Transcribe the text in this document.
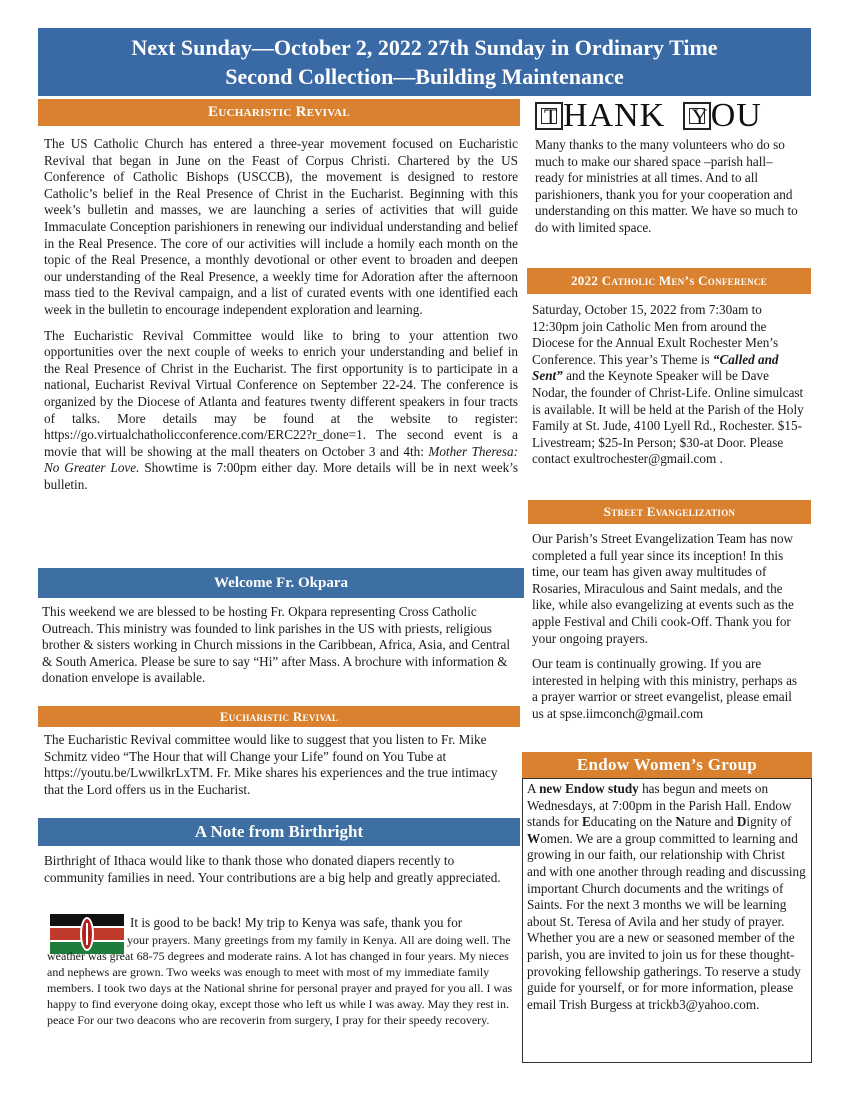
Next Sunday—October 2, 2022 27th Sunday in Ordinary Time
Second Collection—Building Maintenance
Eucharistic Revival

The US Catholic Church has entered a three-year movement focused on Eucharistic Revival that began in June on the Feast of Corpus Christi. Chartered by the US Conference of Catholic Bishops (USCCB), the movement is designed to restore Catholic’s belief in the Real Presence of Christ in the Eucharist. Beginning with this week’s bulletin and masses, we are launching a series of activities that will guide Immaculate Conception parishioners in renewing our individual understanding and belief in the Real Presence. The core of our activities will include a homily each month on the topic of the Real Presence, a monthly devotional or other event to broaden and deepen our understanding of the Real Presence, a weekly time for Adoration after the afternoon mass tied to the Revival campaign, and a list of curated events with one identified each week in the bulletin to encourage independent exploration and learning.

The Eucharistic Revival Committee would like to bring to your attention two opportunities over the next couple of weeks to enrich your understanding and belief in the Real Presence of Christ in the Eucharist. The first opportunity is to participate in a national, Eucharist Revival Virtual Conference on September 22-24. The conference is organized by the Diocese of Atlanta and features twenty different speakers in four tracts of talks. More details may be found at the website to register: https://go.virtualchatholicconference.com/ERC22?r_done=1. The second event is a movie that will be showing at the mall theaters on October 3 and 4th: Mother Theresa: No Greater Love. Showtime is 7:00pm either day. More details will be in next week’s bulletin.

Welcome Fr. Okpara
This weekend we are blessed to be hosting Fr. Okpara representing Cross Catholic Outreach. This ministry was founded to link parishes in the US with priests, religious brother & sisters working in Church missions in the Caribbean, Africa, Asia, and Central & South America. Please be sure to say “Hi” after Mass. A brochure with information & donation envelope is available.
Eucharistic Revival
The Eucharistic Revival committee would like to suggest that you listen to Fr. Mike Schmitz video “The Hour that will Change your Life” found on You Tube at https://youtu.be/LwwilkrLxTM. Fr. Mike shares his experiences and the true intimacy that the Lord offers us in the Eucharist.
A Note from Birthright
Birthright of Ithaca would like to thank those who donated diapers recently to community families in need. Your contributions are a big help and greatly appreciated.
It is good to be back! My trip to Kenya was safe, thank you for
your prayers. Many greetings from my family in Kenya. All are doing well. The weather was great 68-75 degrees and moderate rains. A lot has changed in four years. My nieces and nephews are grown. Two weeks was enough to meet with most of my immediate family members. I took two days at the National shrine for personal prayer and prayed for you all. I was happy to find everyone doing okay, except those who left us while I was away. May they rest in. peace For our two deacons who are recoverin from surgery, I pray for their speedy recovery.
T HANK Y OU
Many thanks to the many volunteers who do so much to make our shared space –parish hall– ready for ministries at all times. And to all parishioners, thank you for your cooperation and understanding on this matter. We have so much to do with limited space.
2022 Catholic Men’s Conference
Saturday, October 15, 2022 from 7:30am to 12:30pm join Catholic Men from around the Diocese for the Annual Exult Rochester Men’s Conference. This year’s Theme is “Called and Sent” and the Keynote Speaker will be Dave Nodar, the founder of Christ-Life. Online simulcast is available. It will be held at the Parish of the Holy Family at St. Jude, 4100 Lyell Rd., Rochester. $15-Livestream; $25-In Person; $30-at Door. Please contact exultrochester@gmail.com .
Street Evangelization

Our Parish’s Street Evangelization Team has now completed a full year since its inception! In this time, our team has given away multitudes of Rosaries, Miraculous and Saint medals, and the like, while also evangelizing at events such as the apple Festival and Chili cook-Off. Thank you for your ongoing prayers.

Our team is continually growing. If you are interested in helping with this ministry, perhaps as a prayer warrior or street evangelist, please email us at spse.iimconch@gmail.com

Endow Women’s Group
A new Endow study has begun and meets on Wednesdays, at 7:00pm in the Parish Hall. Endow stands for Educating on the Nature and Dignity of Women. We are a group committed to learning and growing in our faith, our relationship with Christ and with one another through reading and discussing important Church documents and the writings of Saints. For the next 3 months we will be learning about St. Teresa of Avila and her study of prayer. Whether you are a new or seasoned member of the parish, you are invited to join us for these thought-provoking fellowship gatherings. To reserve a study guide for yourself, or for more information, please email Trish Burgess at trickb3@yahoo.com.
